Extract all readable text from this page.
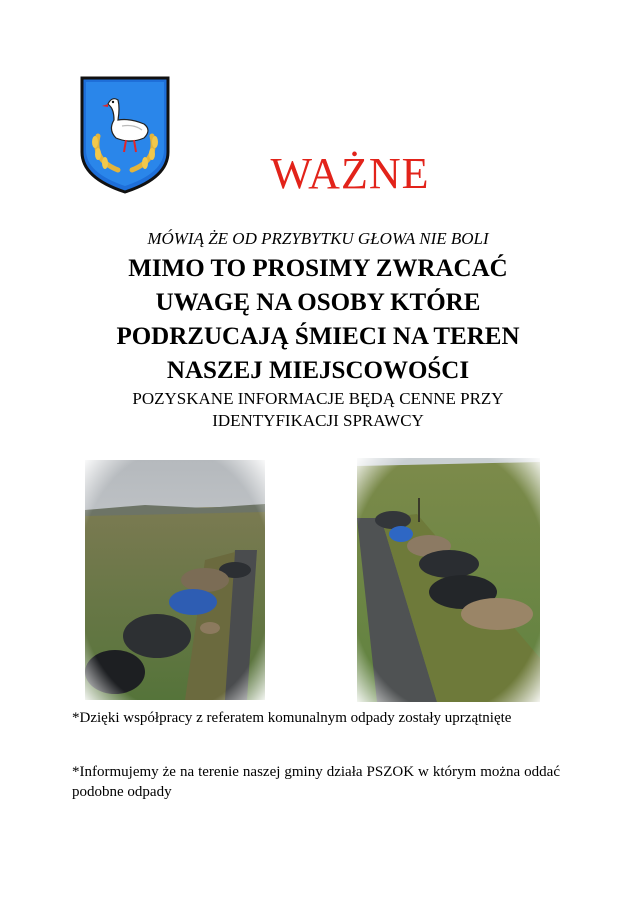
WAŻNE
MÓWIĄ ŻE OD PRZYBYTKU GŁOWA NIE BOLI
MIMO TO PROSIMY ZWRACAĆ UWAGĘ NA OSOBY KTÓRE PODRZUCAJĄ ŚMIECI NA TEREN NASZEJ MIEJSCOWOŚCI
POZYSKANE INFORMACJE BĘDĄ CENNE PRZY IDENTYFIKACJI SPRAWCY
*Dzięki współpracy z referatem komunalnym odpady zostały uprzątnięte
*Informujemy że na terenie naszej gminy działa PSZOK w którym można oddać podobne odpady
